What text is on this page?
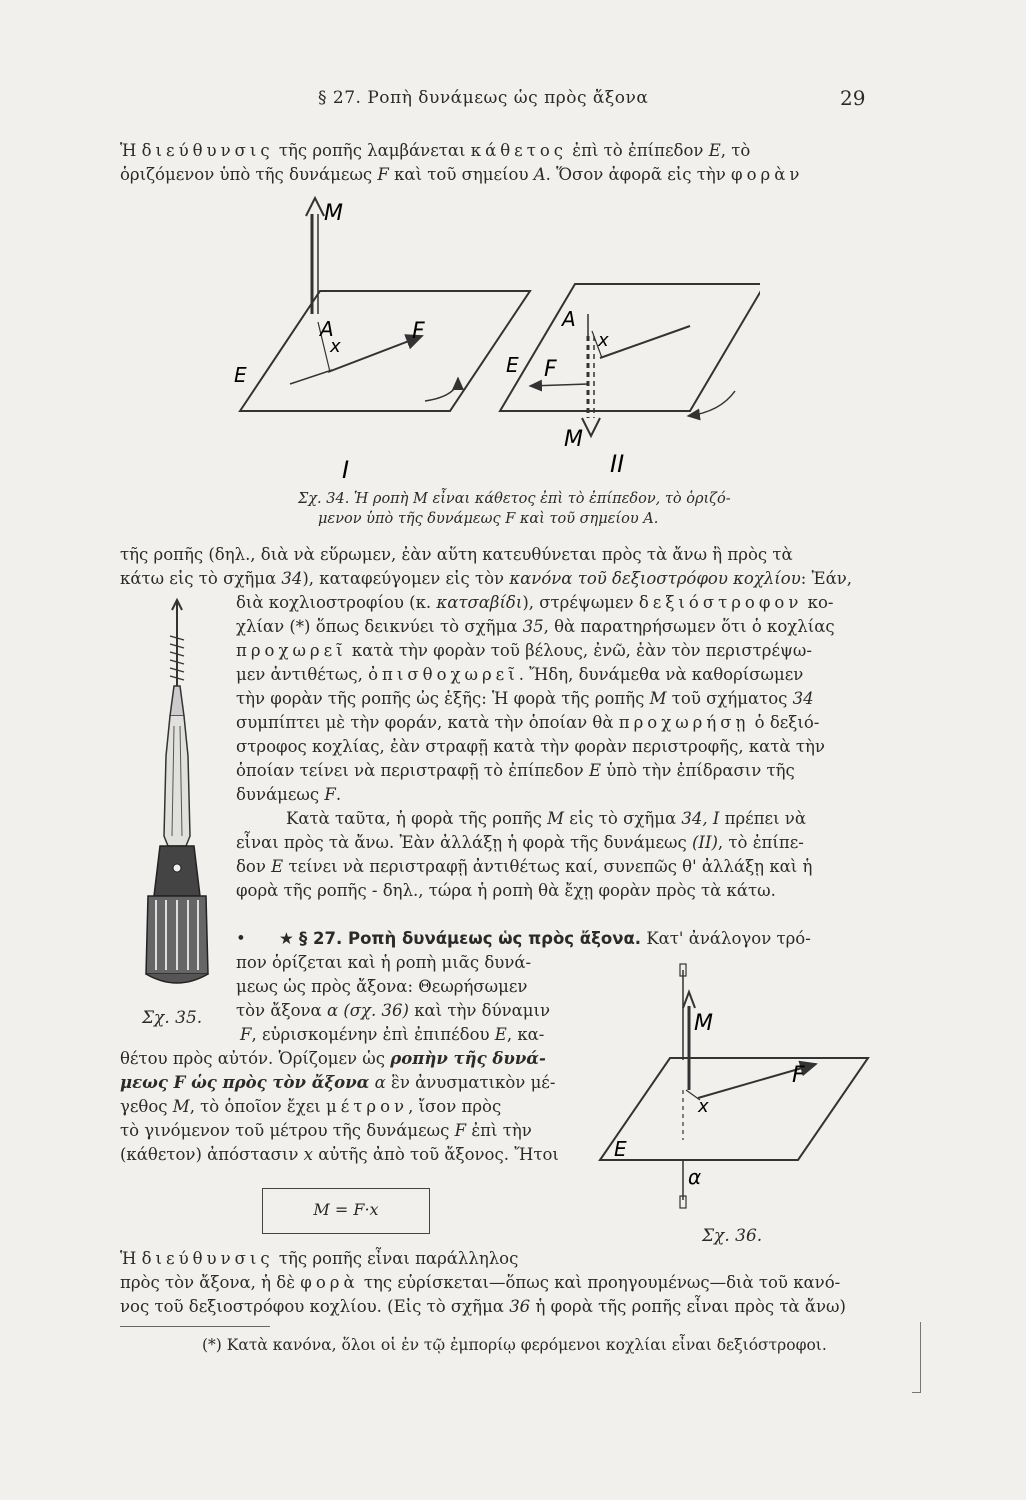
§ 27. Ροπὴ δυνάμεως ὡς πρὸς ἄξονα	29
Ἡ διεύθυνσις τῆς ροπῆς λαμβάνεται κάθετος ἐπὶ τὸ ἐπίπεδον E, τὸ
ὁριζόμενον ὑπὸ τῆς δυνάμεως F καὶ τοῦ σημείου A. Ὅσον ἀφορᾶ εἰς τὴν φορὰν
M
A
x
F
E
I
A
x
F
E
M
II
Σχ. 34. Ἡ ροπὴ M εἶναι κάθετος ἐπὶ τὸ ἐπίπεδον, τὸ ὁριζό-
μενον ὑπὸ τῆς δυνάμεως F καὶ τοῦ σημείου A.
τῆς ροπῆς (δηλ., διὰ νὰ εὕρωμεν, ἐὰν αὕτη κατευθύνεται πρὸς τὰ ἄνω ἢ πρὸς τὰ
κάτω εἰς τὸ σχῆμα 34), καταφεύγομεν εἰς τὸν κανόνα τοῦ δεξιοστρόφου κοχλίου: Ἐάν,
διὰ κοχλιοστροφίου (κ. κατσαβίδι), στρέψωμεν δεξιόστροφον κο-
χλίαν (*) ὅπως δεικνύει τὸ σχῆμα 35, θὰ παρατηρήσωμεν ὅτι ὁ κοχλίας
προχωρεῖ κατὰ τὴν φορὰν τοῦ βέλους, ἐνῶ, ἐὰν τὸν περιστρέψω-
μεν ἀντιθέτως, ὀπισθοχωρεῖ. Ἤδη, δυνάμεθα νὰ καθορίσωμεν
τὴν φορὰν τῆς ροπῆς ὡς ἑξῆς: Ἡ φορὰ τῆς ροπῆς M τοῦ σχήματος 34
συμπίπτει μὲ τὴν φοράν, κατὰ τὴν ὁποίαν θὰ προχωρήσῃ ὁ δεξιό-
στροφος κοχλίας, ἐὰν στραφῇ κατὰ τὴν φορὰν περιστροφῆς, κατὰ τὴν
ὁποίαν τείνει νὰ περιστραφῇ τὸ ἐπίπεδον E ὑπὸ τὴν ἐπίδρασιν τῆς
δυνάμεως F.
Κατὰ ταῦτα, ἡ φορὰ τῆς ροπῆς M εἰς τὸ σχῆμα 34, I πρέπει νὰ
εἶναι πρὸς τὰ ἄνω. Ἐὰν ἀλλάξῃ ἡ φορὰ τῆς δυνάμεως (II), τὸ ἐπίπε-
δον E τείνει νὰ περιστραφῇ ἀντιθέτως καί, συνεπῶς θ' ἀλλάξῃ καὶ ἡ
φορὰ τῆς ροπῆς - δηλ., τώρα ἡ ροπὴ θὰ ἔχῃ φορὰν πρὸς τὰ κάτω.
Σχ. 35.
• ★ § 27. Ροπὴ δυνάμεως ὡς πρὸς ἄξονα. Κατ' ἀνάλογον τρό-
πον ὁρίζεται καὶ ἡ ροπὴ μιᾶς δυνά-
μεως ὡς πρὸς ἄξονα: Θεωρήσωμεν
τὸν ἄξονα α (σχ. 36) καὶ τὴν δύναμιν
F, εὑρισκομένην ἐπὶ ἐπιπέδου E, κα-
θέτου πρὸς αὐτόν. Ὁρίζομεν ὡς ροπὴν τῆς δυνά-
μεως F ὡς πρὸς τὸν ἄξονα α ἓν ἀνυσματικὸν μέ-
γεθος M, τὸ ὁποῖον ἔχει μέτρον, ἴσον πρὸς
τὸ γινόμενον τοῦ μέτρου τῆς δυνάμεως F ἐπὶ τὴν
(κάθετον) ἀπόστασιν x αὐτῆς ἀπὸ τοῦ ἄξονος. Ἤτοι
M = F·x
M
F
x
E
α
Σχ. 36.
Ἡ διεύθυνσις τῆς ροπῆς εἶναι παράλληλος
πρὸς τὸν ἄξονα, ἡ δὲ φορὰ της εὑρίσκεται—ὅπως καὶ προηγουμένως—διὰ τοῦ κανό-
νος τοῦ δεξιοστρόφου κοχλίου. (Εἰς τὸ σχῆμα 36 ἡ φορὰ τῆς ροπῆς εἶναι πρὸς τὰ ἄνω)
(*) Κατὰ κανόνα, ὅλοι οἱ ἐν τῷ ἐμπορίῳ φερόμενοι κοχλίαι εἶναι δεξιόστροφοι.
